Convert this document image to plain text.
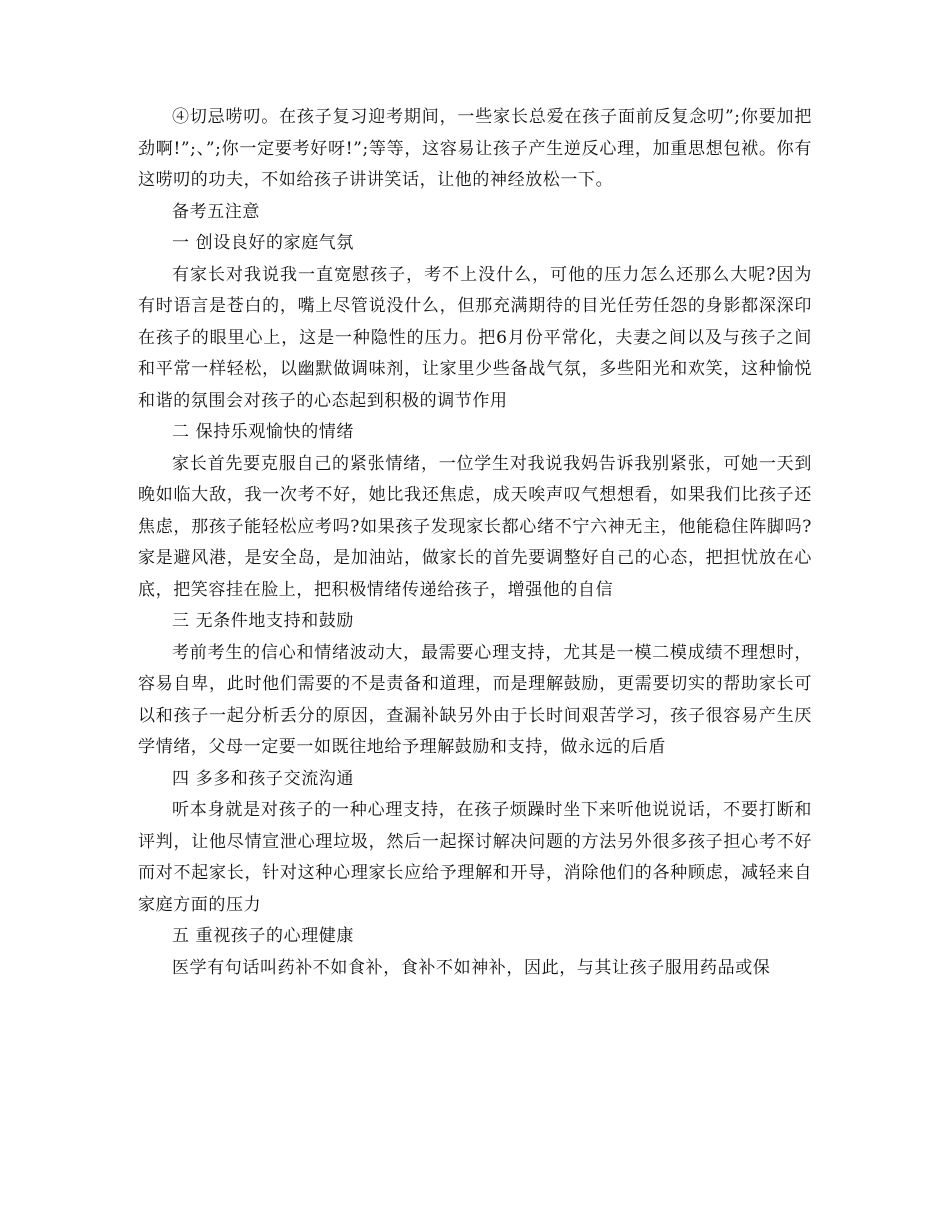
④切忌唠叨。在孩子复习迎考期间，一些家长总爱在孩子面前反复念叨”;你要加把劲啊!”;、”;你一定要考好呀!”;等等，这容易让孩子产生逆反心理，加重思想包袱。你有这唠叨的功夫，不如给孩子讲讲笑话，让他的神经放松一下。

备考五注意

一 创设良好的家庭气氛

有家长对我说我一直宽慰孩子，考不上没什么，可他的压力怎么还那么大呢?因为有时语言是苍白的，嘴上尽管说没什么，但那充满期待的目光任劳任怨的身影都深深印在孩子的眼里心上，这是一种隐性的压力。把6月份平常化，夫妻之间以及与孩子之间和平常一样轻松，以幽默做调味剂，让家里少些备战气氛，多些阳光和欢笑，这种愉悦和谐的氛围会对孩子的心态起到积极的调节作用

二 保持乐观愉快的情绪

家长首先要克服自己的紧张情绪，一位学生对我说我妈告诉我别紧张，可她一天到晚如临大敌，我一次考不好，她比我还焦虑，成天唉声叹气想想看，如果我们比孩子还焦虑，那孩子能轻松应考吗?如果孩子发现家长都心绪不宁六神无主，他能稳住阵脚吗?家是避风港，是安全岛，是加油站，做家长的首先要调整好自己的心态，把担忧放在心底，把笑容挂在脸上，把积极情绪传递给孩子，增强他的自信

三 无条件地支持和鼓励

考前考生的信心和情绪波动大，最需要心理支持，尤其是一模二模成绩不理想时，容易自卑，此时他们需要的不是责备和道理，而是理解鼓励，更需要切实的帮助家长可以和孩子一起分析丢分的原因，查漏补缺另外由于长时间艰苦学习，孩子很容易产生厌学情绪，父母一定要一如既往地给予理解鼓励和支持，做永远的后盾

四 多多和孩子交流沟通

听本身就是对孩子的一种心理支持，在孩子烦躁时坐下来听他说说话，不要打断和评判，让他尽情宣泄心理垃圾，然后一起探讨解决问题的方法另外很多孩子担心考不好而对不起家长，针对这种心理家长应给予理解和开导，消除他们的各种顾虑，减轻来自家庭方面的压力

五 重视孩子的心理健康

医学有句话叫药补不如食补，食补不如神补，因此，与其让孩子服用药品或保
